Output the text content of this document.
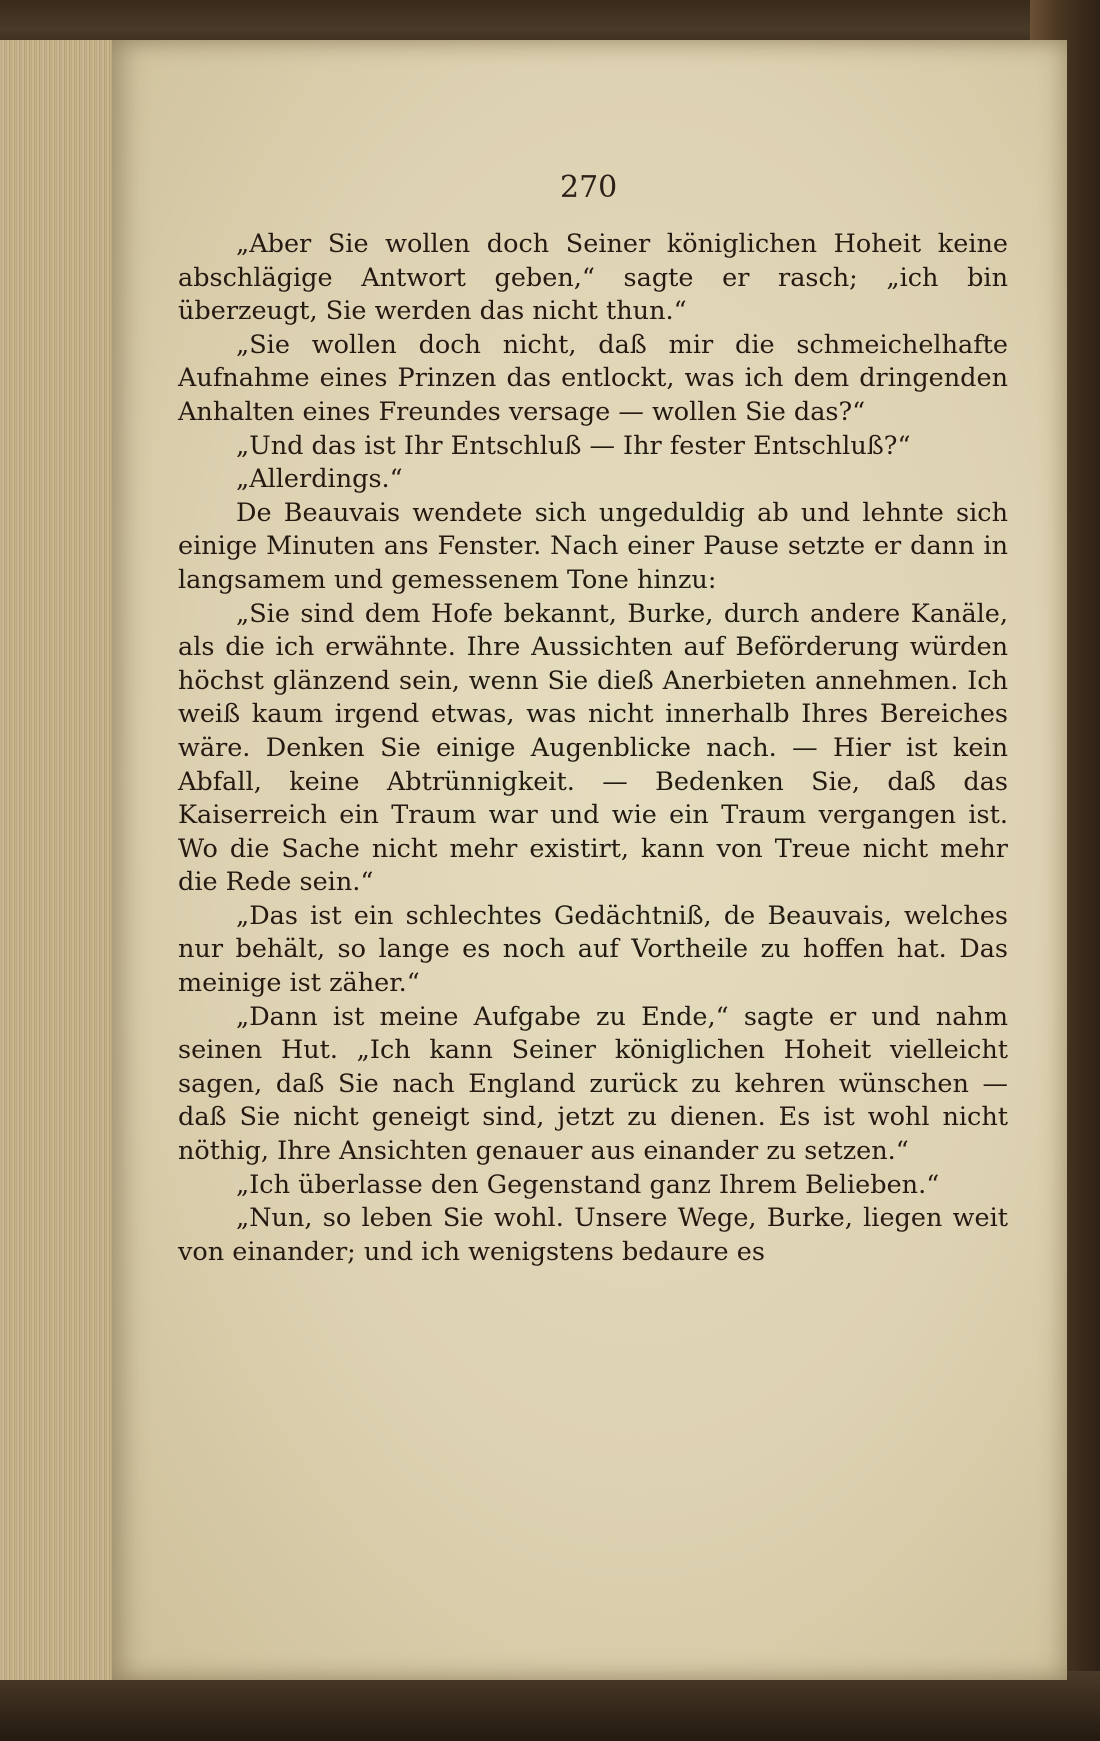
270

„Aber Sie wollen doch Seiner königlichen Hoheit keine abschlägige Antwort geben,“ sagte er rasch; „ich bin überzeugt, Sie werden das nicht thun.“

„Sie wollen doch nicht, daß mir die schmeichelhafte Aufnahme eines Prinzen das entlockt, was ich dem dringenden Anhalten eines Freundes versage — wollen Sie das?“

„Und das ist Ihr Entschluß — Ihr fester Entschluß?“

„Allerdings.“

De Beauvais wendete sich ungeduldig ab und lehnte sich einige Minuten ans Fenster. Nach einer Pause setzte er dann in langsamem und gemessenem Tone hinzu:

„Sie sind dem Hofe bekannt, Burke, durch andere Kanäle, als die ich erwähnte. Ihre Aussichten auf Beförderung würden höchst glänzend sein, wenn Sie dieß Anerbieten annehmen. Ich weiß kaum irgend etwas, was nicht innerhalb Ihres Bereiches wäre. Denken Sie einige Augenblicke nach. — Hier ist kein Abfall, keine Abtrünnigkeit. — Bedenken Sie, daß das Kaiserreich ein Traum war und wie ein Traum vergangen ist. Wo die Sache nicht mehr existirt, kann von Treue nicht mehr die Rede sein.“

„Das ist ein schlechtes Gedächtniß, de Beauvais, welches nur behält, so lange es noch auf Vortheile zu hoffen hat. Das meinige ist zäher.“

„Dann ist meine Aufgabe zu Ende,“ sagte er und nahm seinen Hut. „Ich kann Seiner königlichen Hoheit vielleicht sagen, daß Sie nach England zurück zu kehren wünschen — daß Sie nicht geneigt sind, jetzt zu dienen. Es ist wohl nicht nöthig, Ihre Ansichten genauer aus einander zu setzen.“

„Ich überlasse den Gegenstand ganz Ihrem Belieben.“

„Nun, so leben Sie wohl. Unsere Wege, Burke, liegen weit von einander; und ich wenigstens bedaure es
